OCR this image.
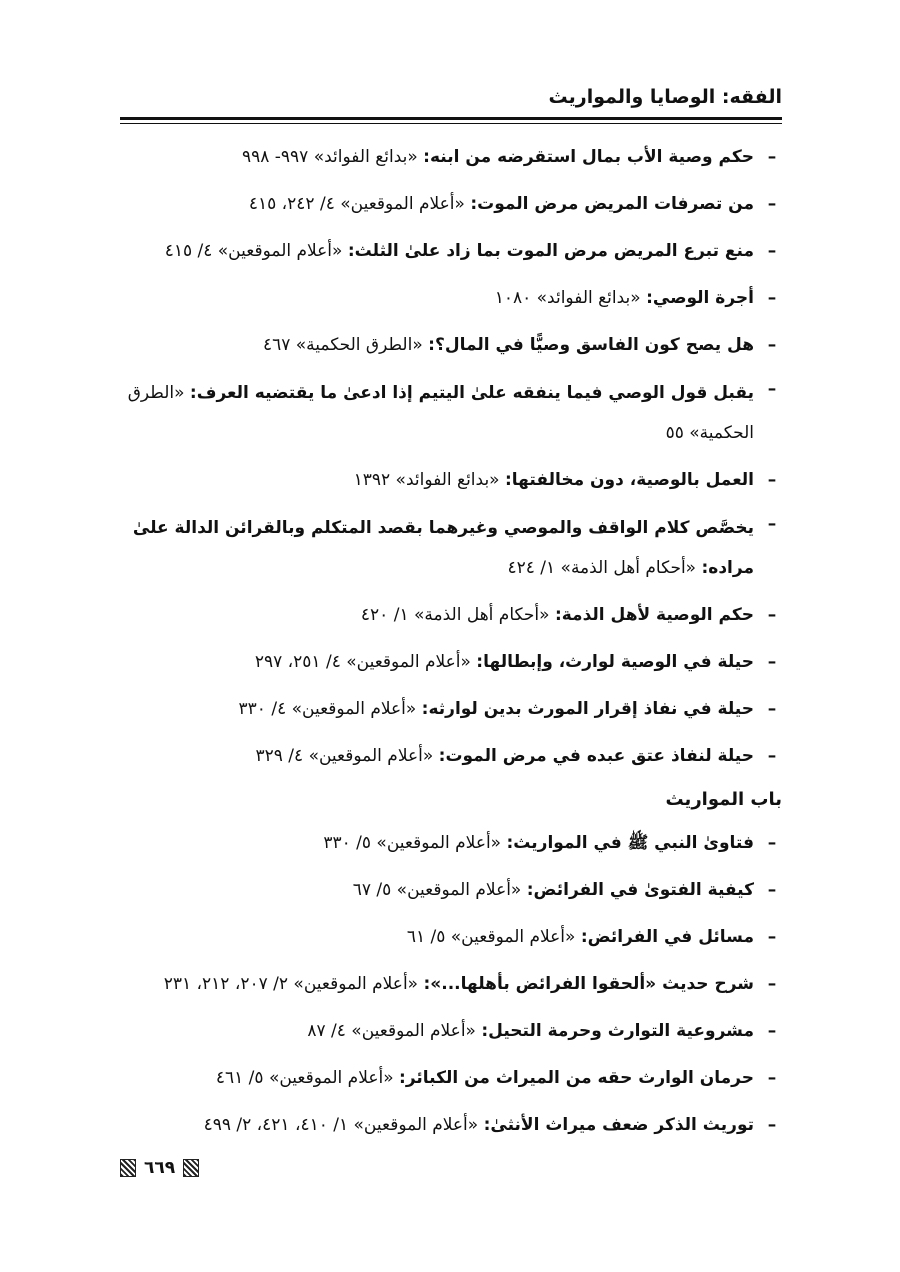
الفقه: الوصايا والمواريث
–
حكم وصية الأب بمال استقرضه من ابنه: «بدائع الفوائد» ٩٩٧- ٩٩٨
–
من تصرفات المريض مرض الموت: «أعلام الموقعين» ٤/ ٢٤٢، ٤١٥
–
منع تبرع المريض مرض الموت بما زاد علىٰ الثلث: «أعلام الموقعين» ٤/ ٤١٥
–
أجرة الوصي: «بدائع الفوائد» ١٠٨٠
–
هل يصح كون الفاسق وصيًّا في المال؟: «الطرق الحكمية» ٤٦٧
–
يقبل قول الوصي فيما ينفقه علىٰ اليتيم إذا ادعىٰ ما يقتضيه العرف: «الطرق الحكمية» ٥٥
–
العمل بالوصية، دون مخالفتها: «بدائع الفوائد» ١٣٩٢
–
يخصَّص كلام الواقف والموصي وغيرهما بقصد المتكلم وبالقرائن الدالة علىٰ مراده: «أحكام أهل الذمة» ١/ ٤٢٤
–
حكم الوصية لأهل الذمة: «أحكام أهل الذمة» ١/ ٤٢٠
–
حيلة في الوصية لوارث، وإبطالها: «أعلام الموقعين» ٤/ ٢٥١، ٢٩٧
–
حيلة في نفاذ إقرار المورث بدين لوارثه: «أعلام الموقعين» ٤/ ٣٣٠
–
حيلة لنفاذ عتق عبده في مرض الموت: «أعلام الموقعين» ٤/ ٣٢٩
باب المواريث
–
فتاوىٰ النبي ﷺ في المواريث: «أعلام الموقعين» ٥/ ٣٣٠
–
كيفية الفتوىٰ في الفرائض: «أعلام الموقعين» ٥/ ٦٧
–
مسائل في الفرائض: «أعلام الموقعين» ٥/ ٦١
–
شرح حديث «ألحقوا الفرائض بأهلها...»: «أعلام الموقعين» ٢/ ٢٠٧، ٢١٢، ٢٣١
–
مشروعية التوارث وحرمة التحيل: «أعلام الموقعين» ٤/ ٨٧
–
حرمان الوارث حقه من الميراث من الكبائر: «أعلام الموقعين» ٥/ ٤٦١
–
توريث الذكر ضعف ميراث الأنثىٰ: «أعلام الموقعين» ١/ ٤١٠، ٤٢١، ٢/ ٤٩٩
٦٦٩
